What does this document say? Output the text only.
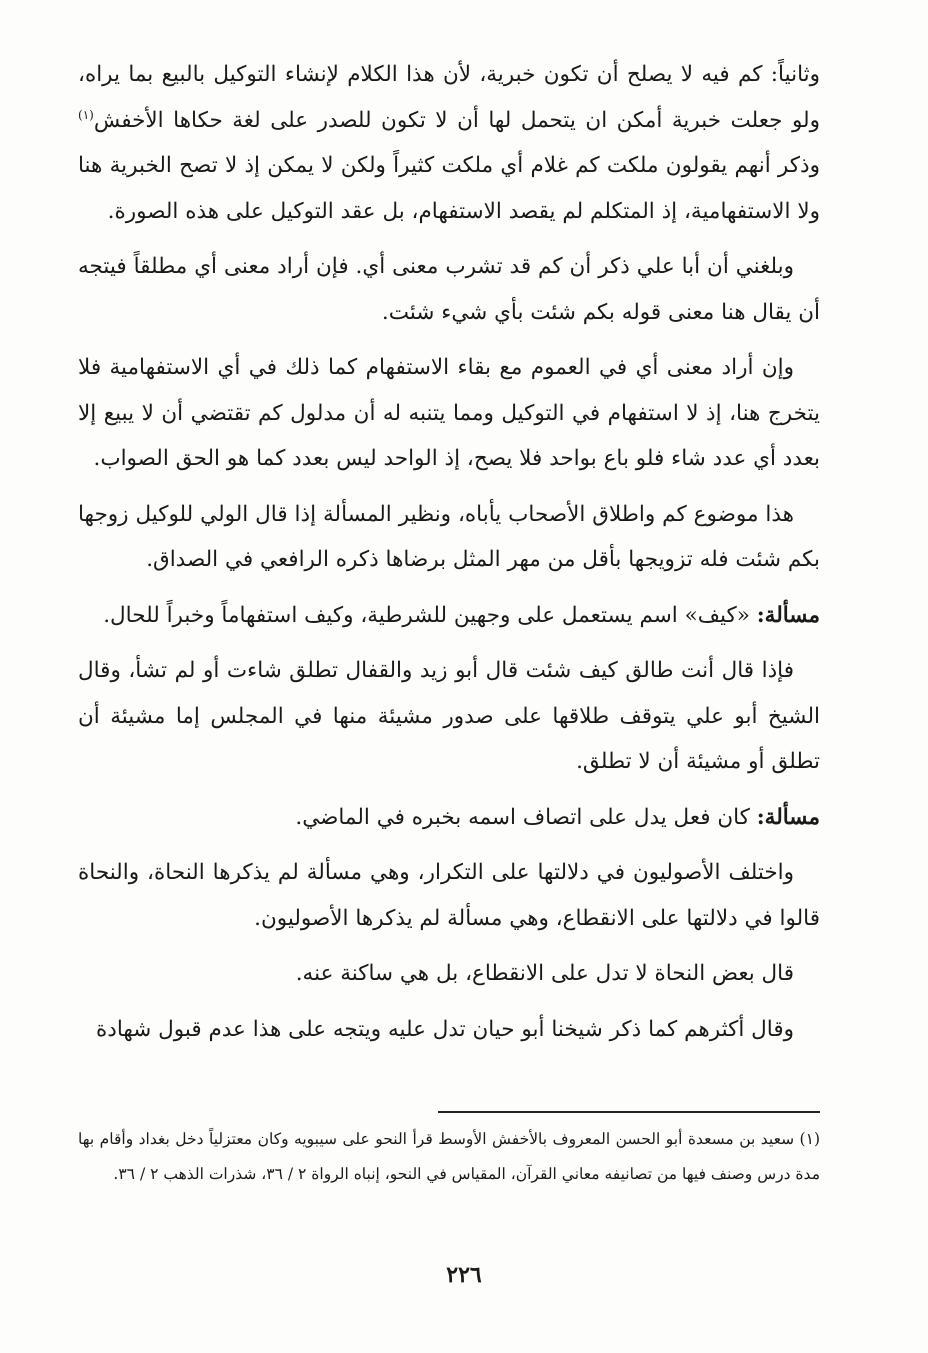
وثانياً: كم فيه لا يصلح أن تكون خبرية، لأن هذا الكلام لإنشاء التوكيل بالبيع بما يراه، ولو جعلت خبرية أمكن ان يتحمل لها أن لا تكون للصدر على لغة حكاها الأخفش$^{(١)}$ وذكر أنهم يقولون ملكت كم غلام أي ملكت كثيراً ولكن لا يمكن إذ لا تصح الخبرية هنا ولا الاستفهامية، إذ المتكلم لم يقصد الاستفهام، بل عقد التوكيل على هذه الصورة.

وبلغني أن أبا علي ذكر أن كم قد تشرب معنى أي. فإن أراد معنى أي مطلقاً فيتجه أن يقال هنا معنى قوله بكم شئت بأي شيء شئت.

وإن أراد معنى أي في العموم مع بقاء الاستفهام كما ذلك في أي الاستفهامية فلا يتخرج هنا، إذ لا استفهام في التوكيل ومما يتنبه له أن مدلول كم تقتضي أن لا يبيع إلا بعدد أي عدد شاء فلو باع بواحد فلا يصح، إذ الواحد ليس بعدد كما هو الحق الصواب.

هذا موضوع كم واطلاق الأصحاب يأباه، ونظير المسألة إذا قال الولي للوكيل زوجها بكم شئت فله تزويجها بأقل من مهر المثل برضاها ذكره الرافعي في الصداق.

مسألة: «كيف» اسم يستعمل على وجهين للشرطية، وكيف استفهاماً وخبراً للحال.

فإذا قال أنت طالق كيف شئت قال أبو زيد والقفال تطلق شاءت أو لم تشأ، وقال الشيخ أبو علي يتوقف طلاقها على صدور مشيئة منها في المجلس إما مشيئة أن تطلق أو مشيئة أن لا تطلق.

مسألة: كان فعل يدل على اتصاف اسمه بخبره في الماضي.

واختلف الأصوليون في دلالتها على التكرار، وهي مسألة لم يذكرها النحاة، والنحاة قالوا في دلالتها على الانقطاع، وهي مسألة لم يذكرها الأصوليون.

قال بعض النحاة لا تدل على الانقطاع، بل هي ساكنة عنه.

وقال أكثرهم كما ذكر شيخنا أبو حيان تدل عليه ويتجه على هذا عدم قبول شهادة

(١) سعيد بن مسعدة أبو الحسن المعروف بالأخفش الأوسط قرأ النحو على سيبويه وكان معتزلياً دخل بغداد وأقام بها مدة درس وصنف فيها من تصانيفه معاني القرآن، المقياس في النحو، إنباه الرواة ٢ / ٣٦، شذرات الذهب ٢ / ٣٦.

٢٢٦
